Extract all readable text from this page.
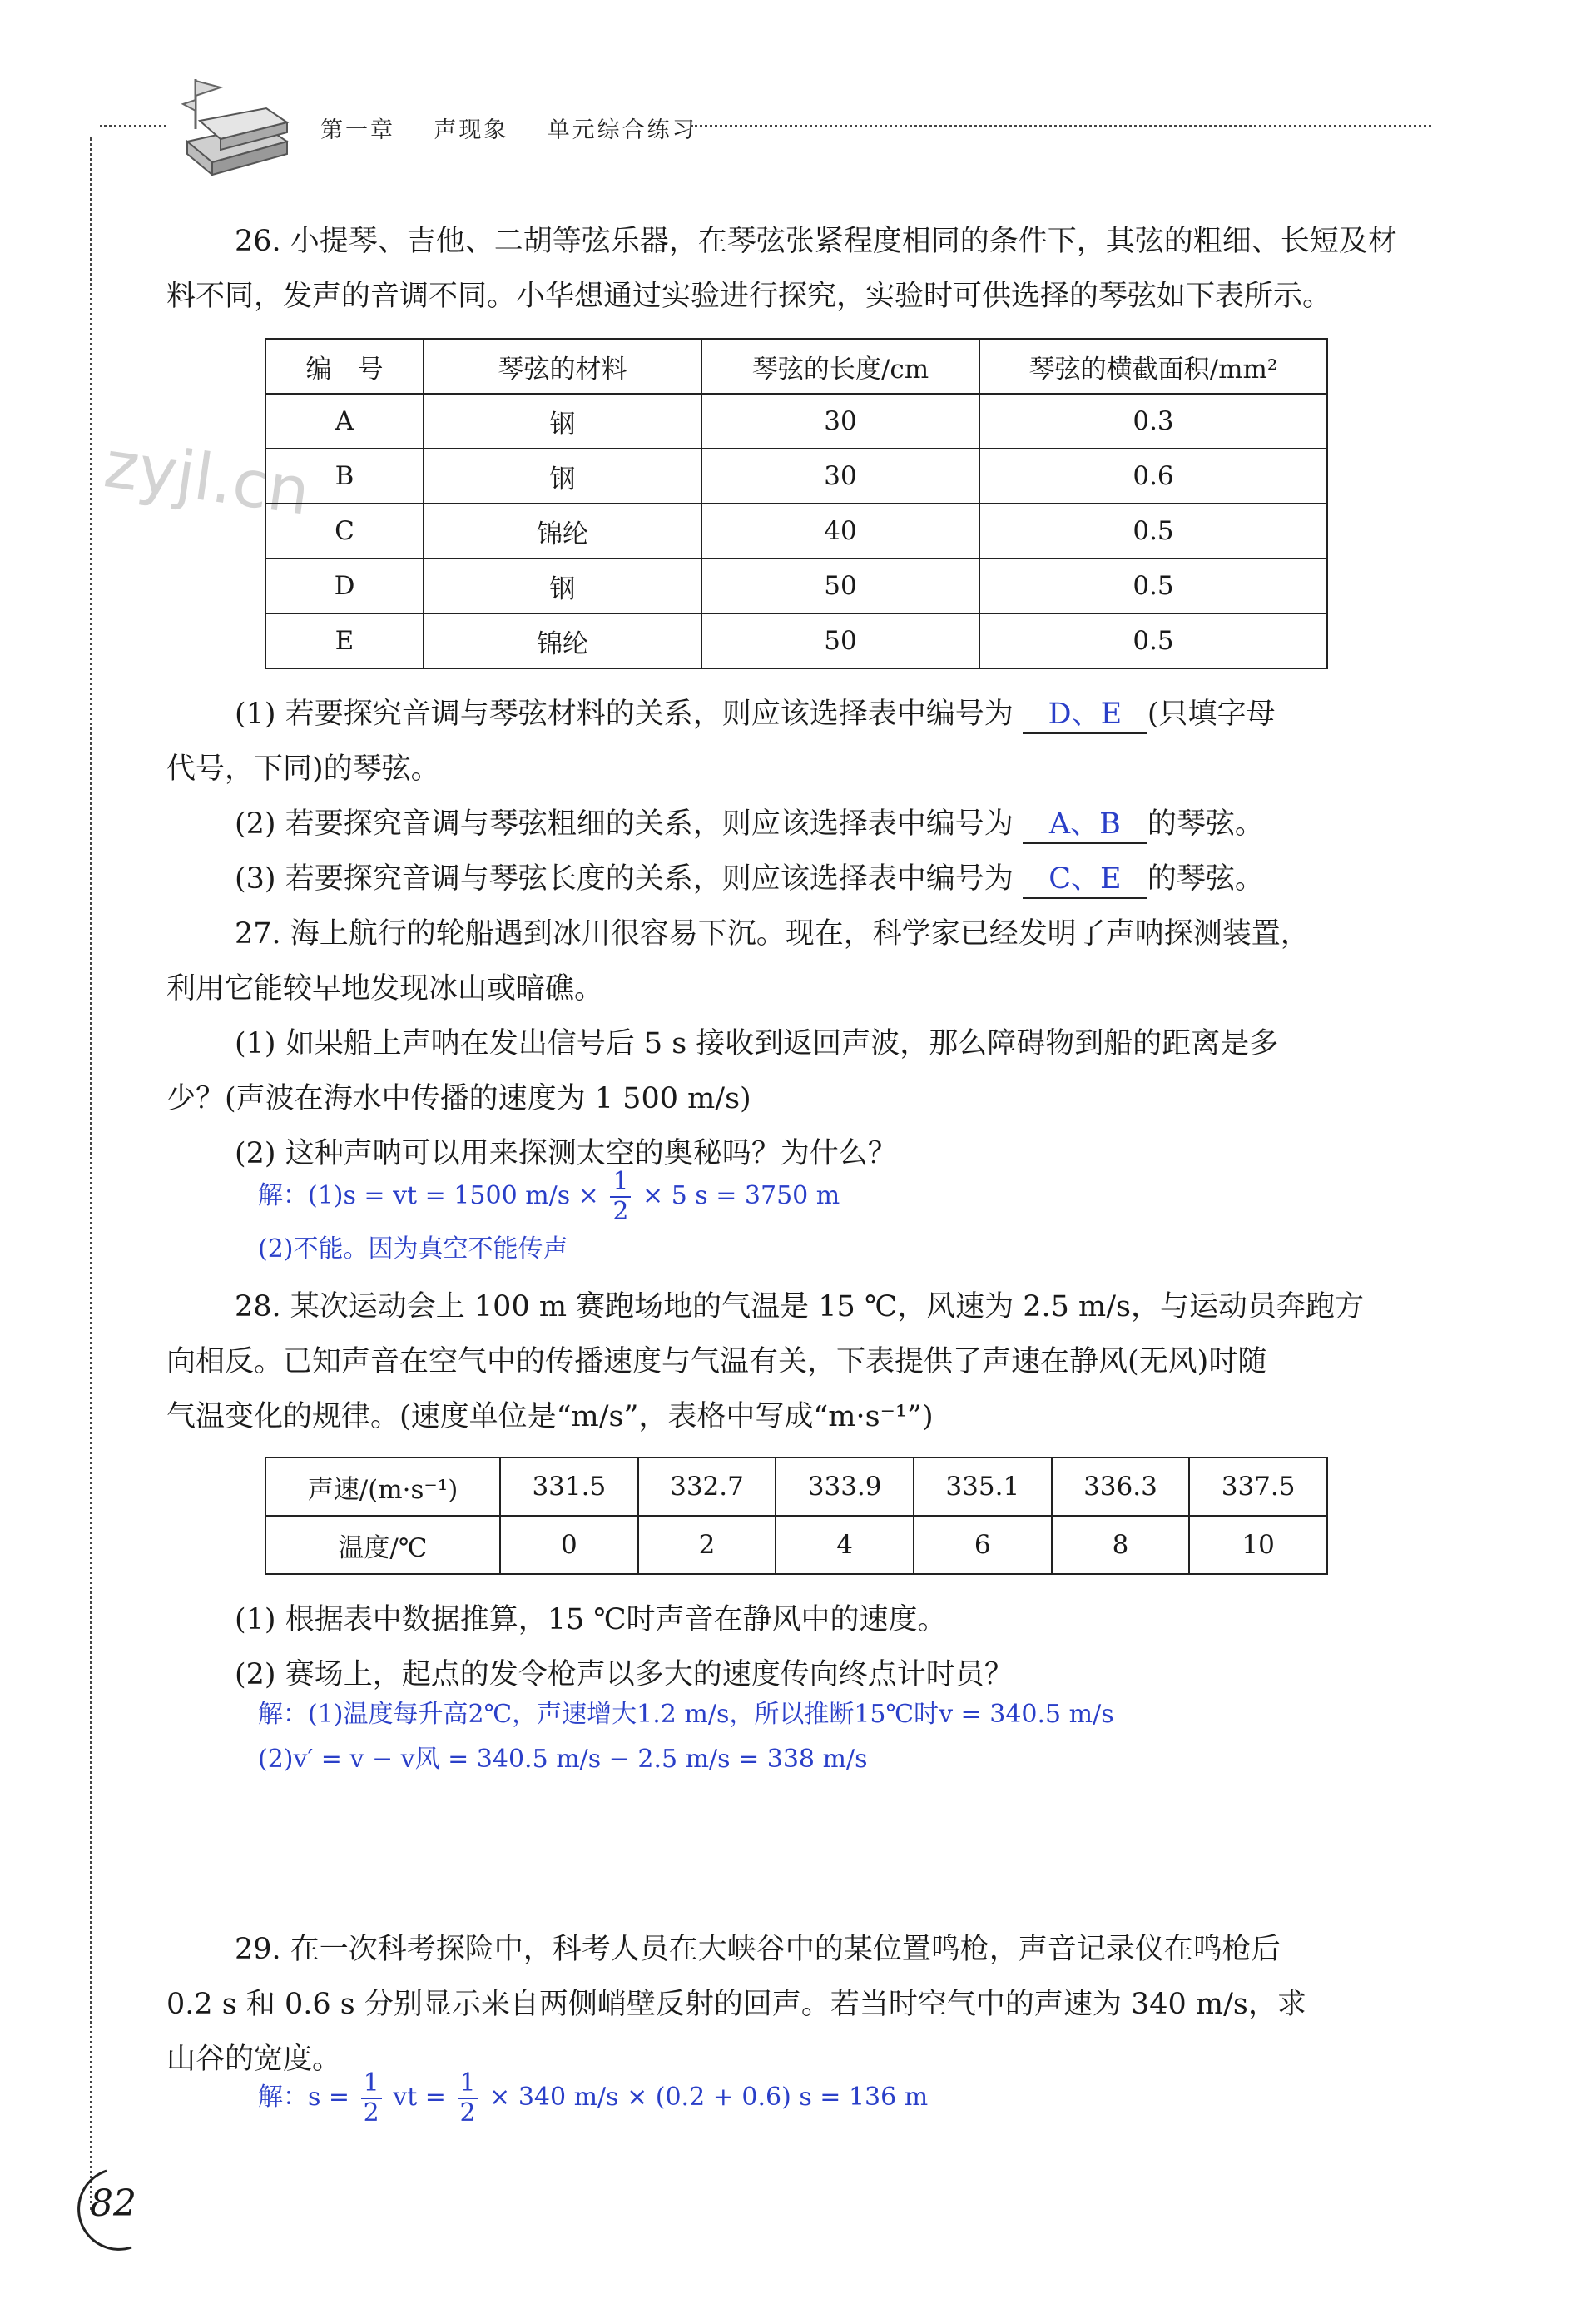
第一章    声现象    单元综合练习
zyjl.cn
26. 小提琴、吉他、二胡等弦乐器，在琴弦张紧程度相同的条件下，其弦的粗细、长短及材
料不同，发声的音调不同。小华想通过实验进行探究，实验时可供选择的琴弦如下表所示。
编　号	琴弦的材料	琴弦的长度/cm	琴弦的横截面积/mm²
A	钢	30	0.3
B	钢	30	0.6
C	锦纶	40	0.5
D	钢	50	0.5
E	锦纶	50	0.5
(1) 若要探究音调与琴弦材料的关系，则应该选择表中编号为 D、E (只填字母
代号，下同)的琴弦。
(2) 若要探究音调与琴弦粗细的关系，则应该选择表中编号为 A、B 的琴弦。
(3) 若要探究音调与琴弦长度的关系，则应该选择表中编号为 C、E 的琴弦。
27. 海上航行的轮船遇到冰川很容易下沉。现在，科学家已经发明了声呐探测装置，
利用它能较早地发现冰山或暗礁。
(1) 如果船上声呐在发出信号后 5 s 接收到返回声波，那么障碍物到船的距离是多
少？(声波在海水中传播的速度为 1 500 m/s)
(2) 这种声呐可以用来探测太空的奥秘吗？为什么？
解：(1)s = vt = 1500 $m/s \times \frac{1}{2} \times 5$ s = 3750 m
(2)不能。因为真空不能传声
28. 某次运动会上 100 m 赛跑场地的气温是 15 ℃，风速为 2.5 m/s，与运动员奔跑方
向相反。已知声音在空气中的传播速度与气温有关，下表提供了声速在静风(无风)时随
气温变化的规律。(速度单位是“m/s”，表格中写成“m·s⁻¹”)
声速/(m·s⁻¹)	331.5	332.7	333.9	335.1	336.3	337.5
温度/℃	0	2	4	6	8	10
(1) 根据表中数据推算，15 ℃时声音在静风中的速度。
(2) 赛场上，起点的发令枪声以多大的速度传向终点计时员？
解：(1)温度每升高2℃，声速增大1.2 m/s，所以推断15℃时v = 340.5 m/s
(2)v′ = v − v风 = 340.5 m/s − 2.5 m/s = 338 m/s
29. 在一次科考探险中，科考人员在大峡谷中的某位置鸣枪，声音记录仪在鸣枪后
0.2 s 和 0.6 s 分别显示来自两侧峭壁反射的回声。若当时空气中的声速为 340 m/s，求
山谷的宽度。
解：$s = \frac{1}{2}$ vt = $\frac{1}{2} \times 340$ m/s × (0.2 + 0.6) s = 136 m
82
